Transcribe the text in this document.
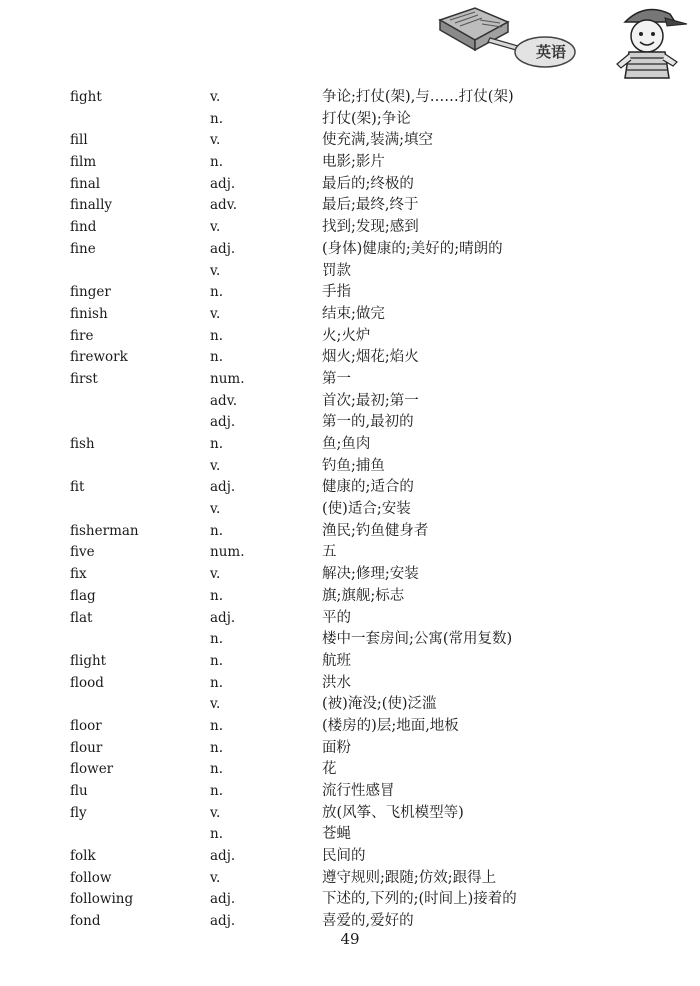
英语
fight	v.	争论;打仗(架),与……打仗(架)
n.	打仗(架);争论
fill	v.	使充满,装满;填空
film	n.	电影;影片
final	adj.	最后的;终极的
finally	adv.	最后;最终,终于
find	v.	找到;发现;感到
fine	adj.	(身体)健康的;美好的;晴朗的
v.	罚款
finger	n.	手指
finish	v.	结束;做完
fire	n.	火;火炉
firework	n.	烟火;烟花;焰火
first	num.	第一
adv.	首次;最初;第一
adj.	第一的,最初的
fish	n.	鱼;鱼肉
v.	钓鱼;捕鱼
fit	adj.	健康的;适合的
v.	(使)适合;安装
fisherman	n.	渔民;钓鱼健身者
five	num.	五
fix	v.	解决;修理;安装
flag	n.	旗;旗舰;标志
flat	adj.	平的
n.	楼中一套房间;公寓(常用复数)
flight	n.	航班
flood	n.	洪水
v.	(被)淹没;(使)泛滥
floor	n.	(楼房的)层;地面,地板
flour	n.	面粉
flower	n.	花
flu	n.	流行性感冒
fly	v.	放(风筝、飞机模型等)
n.	苍蝇
folk	adj.	民间的
follow	v.	遵守规则;跟随;仿效;跟得上
following	adj.	下述的,下列的;(时间上)接着的
fond	adj.	喜爱的,爱好的
49
